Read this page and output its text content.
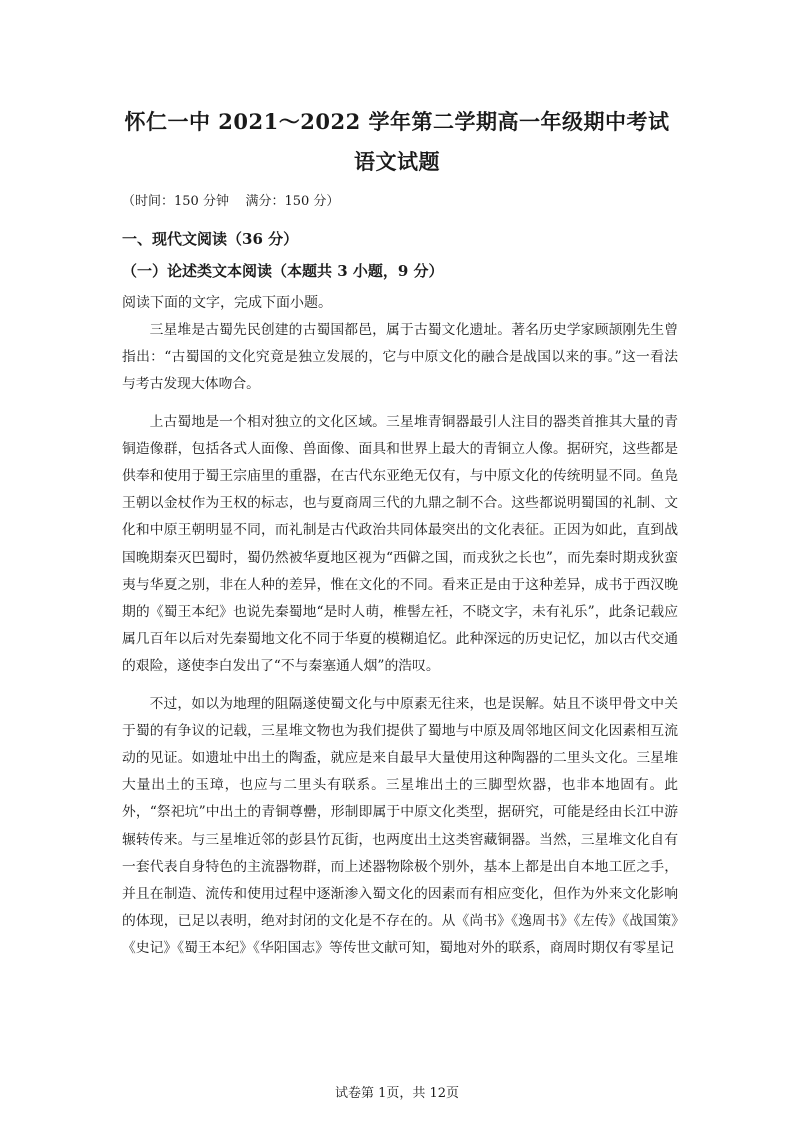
怀仁一中 2021～2022 学年第二学期高一年级期中考试
语文试题
（时间：150 分钟    满分：150 分）
一、现代文阅读（36 分）
（一）论述类文本阅读（本题共 3 小题，9 分）
阅读下面的文字，完成下面小题。

三星堆是古蜀先民创建的古蜀国都邑，属于古蜀文化遗址。著名历史学家顾颉刚先生曾指出：“古蜀国的文化究竟是独立发展的，它与中原文化的融合是战国以来的事。”这一看法与考古发现大体吻合。

上古蜀地是一个相对独立的文化区域。三星堆青铜器最引人注目的器类首推其大量的青铜造像群，包括各式人面像、兽面像、面具和世界上最大的青铜立人像。据研究，这些都是供奉和使用于蜀王宗庙里的重器，在古代东亚绝无仅有，与中原文化的传统明显不同。鱼凫王朝以金杖作为王权的标志，也与夏商周三代的九鼎之制不合。这些都说明蜀国的礼制、文化和中原王朝明显不同，而礼制是古代政治共同体最突出的文化表征。正因为如此，直到战国晚期秦灭巴蜀时，蜀仍然被华夏地区视为“西僻之国，而戎狄之长也”，而先秦时期戎狄蛮夷与华夏之别，非在人种的差异，惟在文化的不同。看来正是由于这种差异，成书于西汉晚期的《蜀王本纪》也说先秦蜀地“是时人萌，椎髻左衽，不晓文字，未有礼乐”，此条记载应属几百年以后对先秦蜀地文化不同于华夏的模糊追忆。此种深远的历史记忆，加以古代交通的艰险，遂使李白发出了“不与秦塞通人烟”的浩叹。

不过，如以为地理的阻隔遂使蜀文化与中原素无往来，也是误解。姑且不谈甲骨文中关于蜀的有争议的记载，三星堆文物也为我们提供了蜀地与中原及周邻地区间文化因素相互流动的见证。如遗址中出土的陶盉，就应是来自最早大量使用这种陶器的二里头文化。三星堆大量出土的玉璋，也应与二里头有联系。三星堆出土的三脚型炊器，也非本地固有。此外，“祭祀坑”中出土的青铜尊罍，形制即属于中原文化类型，据研究，可能是经由长江中游辗转传来。与三星堆近邻的彭县竹瓦街，也两度出土这类窖藏铜器。当然，三星堆文化自有一套代表自身特色的主流器物群，而上述器物除极个别外，基本上都是出自本地工匠之手，并且在制造、流传和使用过程中逐渐渗入蜀文化的因素而有相应变化，但作为外来文化影响的体现，已足以表明，绝对封闭的文化是不存在的。从《尚书》《逸周书》《左传》《战国策》《史记》《蜀王本纪》《华阳国志》等传世文献可知，蜀地对外的联系，商周时期仅有零星记

试卷第 1页，共 12页
